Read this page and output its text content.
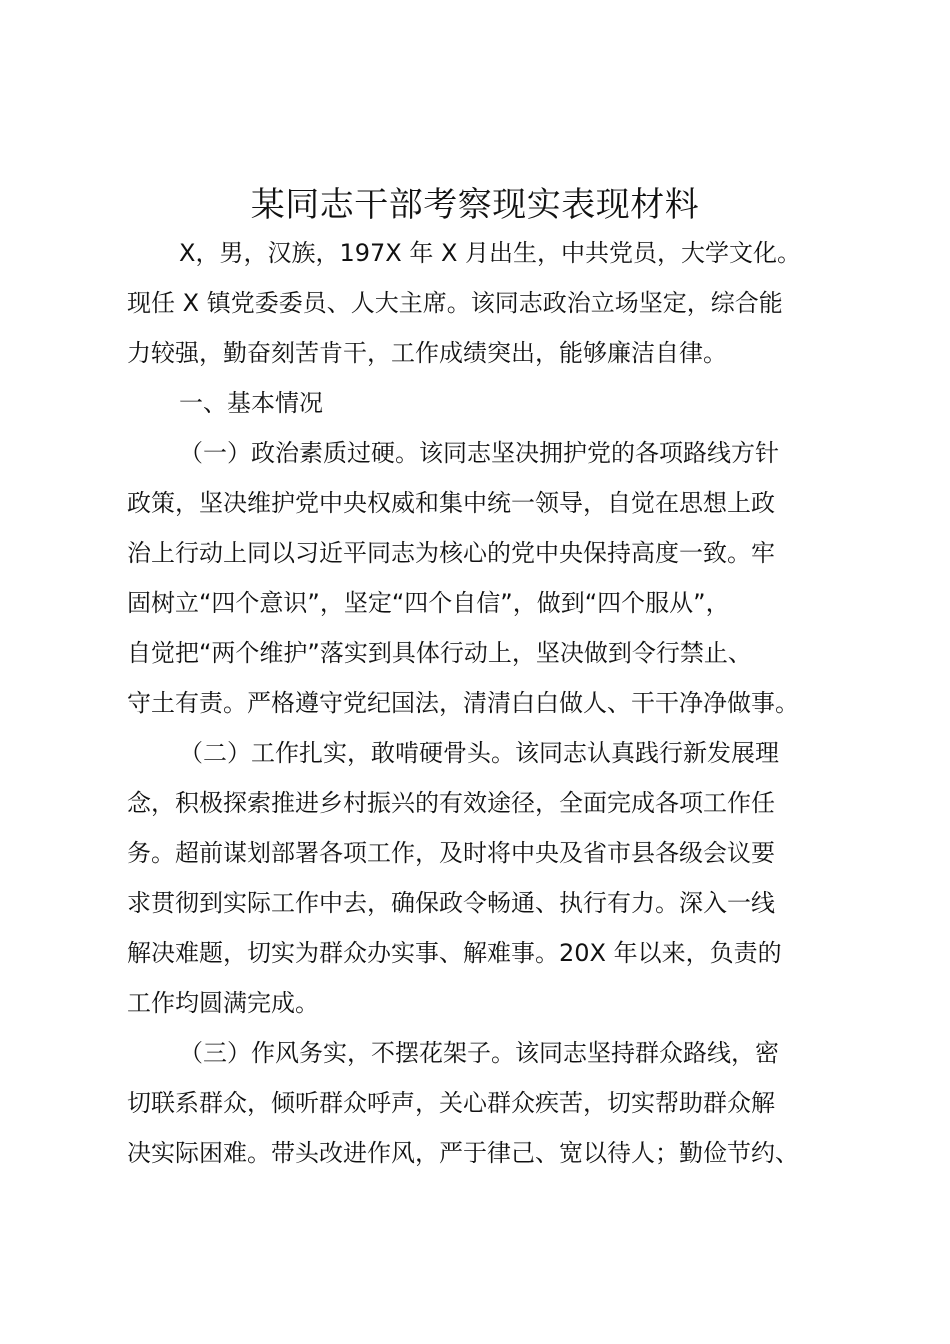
某同志干部考察现实表现材料
X，男，汉族，197X 年 X 月出生，中共党员，大学文化。
现任 X 镇党委委员、人大主席。该同志政治立场坚定，综合能
力较强，勤奋刻苦肯干，工作成绩突出，能够廉洁自律。
一、基本情况
（一）政治素质过硬。该同志坚决拥护党的各项路线方针
政策，坚决维护党中央权威和集中统一领导，自觉在思想上政
治上行动上同以习近平同志为核心的党中央保持高度一致。牢
固树立“四个意识”，坚定“四个自信”，做到“四个服从”，
自觉把“两个维护”落实到具体行动上，坚决做到令行禁止、
守土有责。严格遵守党纪国法，清清白白做人、干干净净做事。
（二）工作扎实，敢啃硬骨头。该同志认真践行新发展理
念，积极探索推进乡村振兴的有效途径，全面完成各项工作任
务。超前谋划部署各项工作，及时将中央及省市县各级会议要
求贯彻到实际工作中去，确保政令畅通、执行有力。深入一线
解决难题，切实为群众办实事、解难事。20X 年以来，负责的
工作均圆满完成。
（三）作风务实，不摆花架子。该同志坚持群众路线，密
切联系群众，倾听群众呼声，关心群众疾苦，切实帮助群众解
决实际困难。带头改进作风，严于律己、宽以待人；勤俭节约、
